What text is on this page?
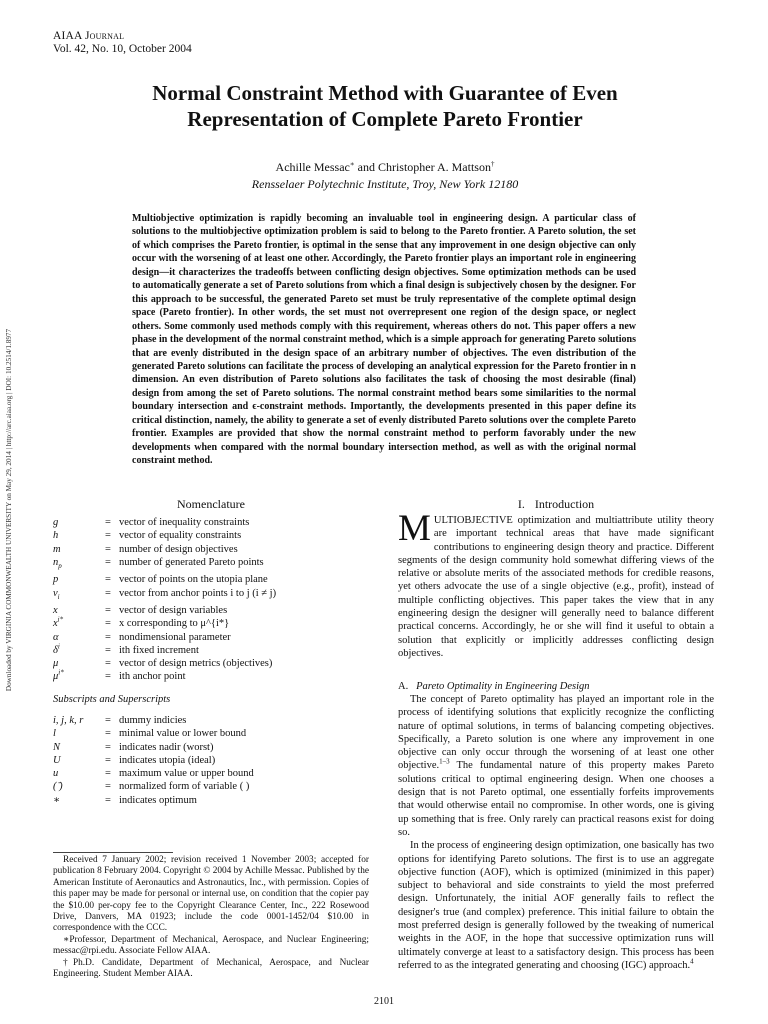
AIAA Journal
Vol. 42, No. 10, October 2004
Normal Constraint Method with Guarantee of Even
Representation of Complete Pareto Frontier
Achille Messac∗ and Christopher A. Mattson†
Rensselaer Polytechnic Institute, Troy, New York 12180

Multiobjective optimization is rapidly becoming an invaluable tool in engineering design. A particular class of solutions to the multiobjective optimization problem is said to belong to the Pareto frontier. A Pareto solution, the set of which comprises the Pareto frontier, is optimal in the sense that any improvement in one design objective can only occur with the worsening of at least one other. Accordingly, the Pareto frontier plays an important role in engineering design—it characterizes the tradeoffs between conflicting design objectives. Some optimization methods can be used to automatically generate a set of Pareto solutions from which a final design is subjectively chosen by the designer. For this approach to be successful, the generated Pareto set must be truly representative of the complete optimal design space (Pareto frontier). In other words, the set must not overrepresent one region of the design space, or neglect others. Some commonly used methods comply with this requirement, whereas others do not. This paper offers a new phase in the development of the normal constraint method, which is a simple approach for generating Pareto solutions that are evenly distributed in the design space of an arbitrary number of objectives. The even distribution of the generated Pareto solutions can facilitate the process of developing an analytical expression for the Pareto frontier in n dimension. An even distribution of Pareto solutions also facilitates the task of choosing the most desirable (final) design from among the set of Pareto solutions. The normal constraint method bears some similarities to the normal boundary intersection and ϵ-constraint methods. Importantly, the developments presented in this paper define its critical distinction, namely, the ability to generate a set of evenly distributed Pareto solutions over the complete Pareto frontier. Examples are provided that show the normal constraint method to perform favorably under the new developments when compared with the normal boundary intersection method, as well as with the original normal constraint method.

Downloaded by VIRGINIA COMMONWEALTH UNIVERSITY on May 29, 2014 | http://arc.aiaa.org | DOI: 10.2514/1.8977	Nomenclature
g	=	vector of inequality constraints
h	=	vector of equality constraints
m	=	number of design objectives
$n_p$	=	number of generated Pareto points
p	=	vector of points on the utopia plane
$v_i$	=	vector from anchor points i to j (i ≠ j)
x	=	vector of design variables
$x^{i*}$	=	x corresponding to μ^{i*}
α	=	nondimensional parameter
$\delta^i$	=	ith fixed increment
μ	=	vector of design metrics (objectives)
$\mu^{i*}$	=	ith anchor point
Subscripts and Superscripts
i, j, k, r	=	dummy indicies
l	=	minimal value or lower bound
N	=	indicates nadir (worst)
U	=	indicates utopia (ideal)
u	=	maximum value or upper bound
( ̄)	=	normalized form of variable ( )
∗	=	indicates optimum

Received 7 January 2002; revision received 1 November 2003; accepted for publication 8 February 2004. Copyright © 2004 by Achille Messac. Published by the American Institute of Aeronautics and Astronautics, Inc., with permission. Copies of this paper may be made for personal or internal use, on condition that the copier pay the $10.00 per-copy fee to the Copyright Clearance Center, Inc., 222 Rosewood Drive, Danvers, MA 01923; include the code 0001-1452/04 $10.00 in correspondence with the CCC.

∗Professor, Department of Mechanical, Aerospace, and Nuclear Engineering; messac@rpi.edu. Associate Fellow AIAA.

†Ph.D. Candidate, Department of Mechanical, Aerospace, and Nuclear Engineering. Student Member AIAA.

I. Introduction

MULTIOBJECTIVE optimization and multiattribute utility theory are important technical areas that have made significant contributions to engineering design theory and practice. Different segments of the design community hold somewhat differing views of the relative or absolute merits of the associated methods for credible reasons, yet others advocate the use of a single objective (e.g., profit), instead of multiple conflicting objectives. This paper takes the view that in any engineering design the designer will generally need to balance different practical concerns. Accordingly, he or she will find it useful to obtain a solution that explicitly or implicitly addresses conflicting design objectives.

A. Pareto Optimality in Engineering Design

The concept of Pareto optimality has played an important role in the process of identifying solutions that explicitly recognize the conflicting nature of optimal solutions, in terms of balancing competing objectives. Specifically, a Pareto solution is one where any improvement in one objective can only occur through the worsening of at least one other objective.$^{1-3}$ The fundamental nature of this property makes Pareto solutions critical to optimal engineering design. When one chooses a design that is not Pareto optimal, one essentially forfeits improvements that would otherwise entail no compromise. In other words, one is giving up something that is free. Only rarely can practical reasons exist for doing so.

In the process of engineering design optimization, one basically has two options for identifying Pareto solutions. The first is to use an aggregate objective function (AOF), which is optimized (minimized in this paper) subject to behavioral and side constraints to yield the most preferred design. Unfortunately, the initial AOF generally fails to reflect the designer's true (and complex) preference. This initial failure to obtain the most preferred design is generally followed by the tweaking of numerical weights in the AOF, in the hope that successive optimization runs will ultimately converge at least to a satisfactory design. This process has been referred to as the integrated generating and choosing (IGC) approach.$^4$

2101
